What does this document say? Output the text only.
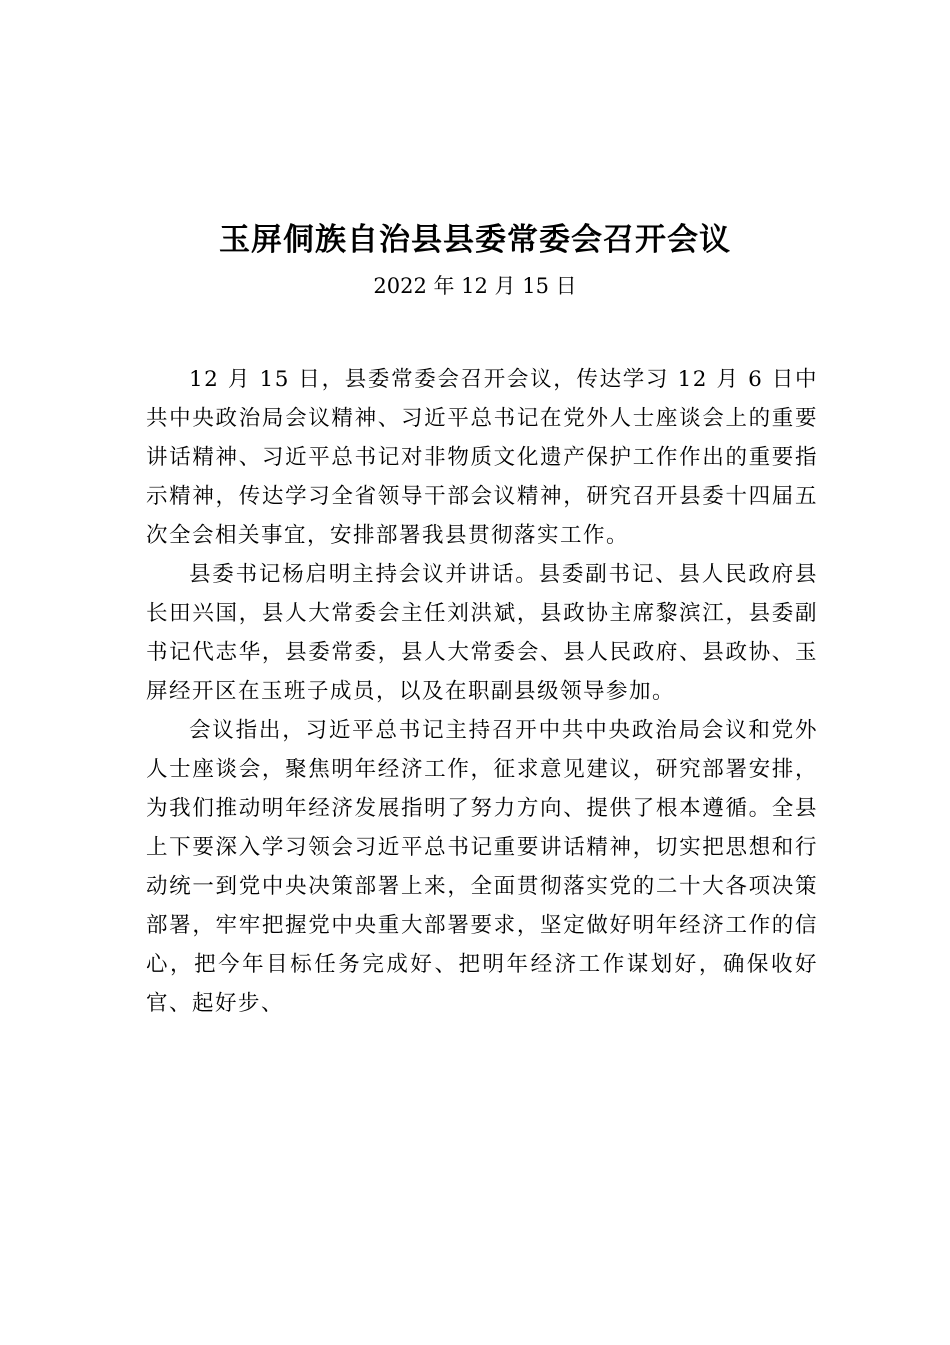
玉屏侗族自治县县委常委会召开会议
2022 年 12 月 15 日

12 月 15 日，县委常委会召开会议，传达学习 12 月 6 日中共中央政治局会议精神、习近平总书记在党外人士座谈会上的重要讲话精神、习近平总书记对非物质文化遗产保护工作作出的重要指示精神，传达学习全省领导干部会议精神，研究召开县委十四届五次全会相关事宜，安排部署我县贯彻落实工作。

县委书记杨启明主持会议并讲话。县委副书记、县人民政府县长田兴国，县人大常委会主任刘洪斌，县政协主席黎滨江，县委副书记代志华，县委常委，县人大常委会、县人民政府、县政协、玉屏经开区在玉班子成员，以及在职副县级领导参加。

会议指出，习近平总书记主持召开中共中央政治局会议和党外人士座谈会，聚焦明年经济工作，征求意见建议，研究部署安排，为我们推动明年经济发展指明了努力方向、提供了根本遵循。全县上下要深入学习领会习近平总书记重要讲话精神，切实把思想和行动统一到党中央决策部署上来，全面贯彻落实党的二十大各项决策部署，牢牢把握党中央重大部署要求，坚定做好明年经济工作的信心，把今年目标任务完成好、把明年经济工作谋划好，确保收好官、起好步、
